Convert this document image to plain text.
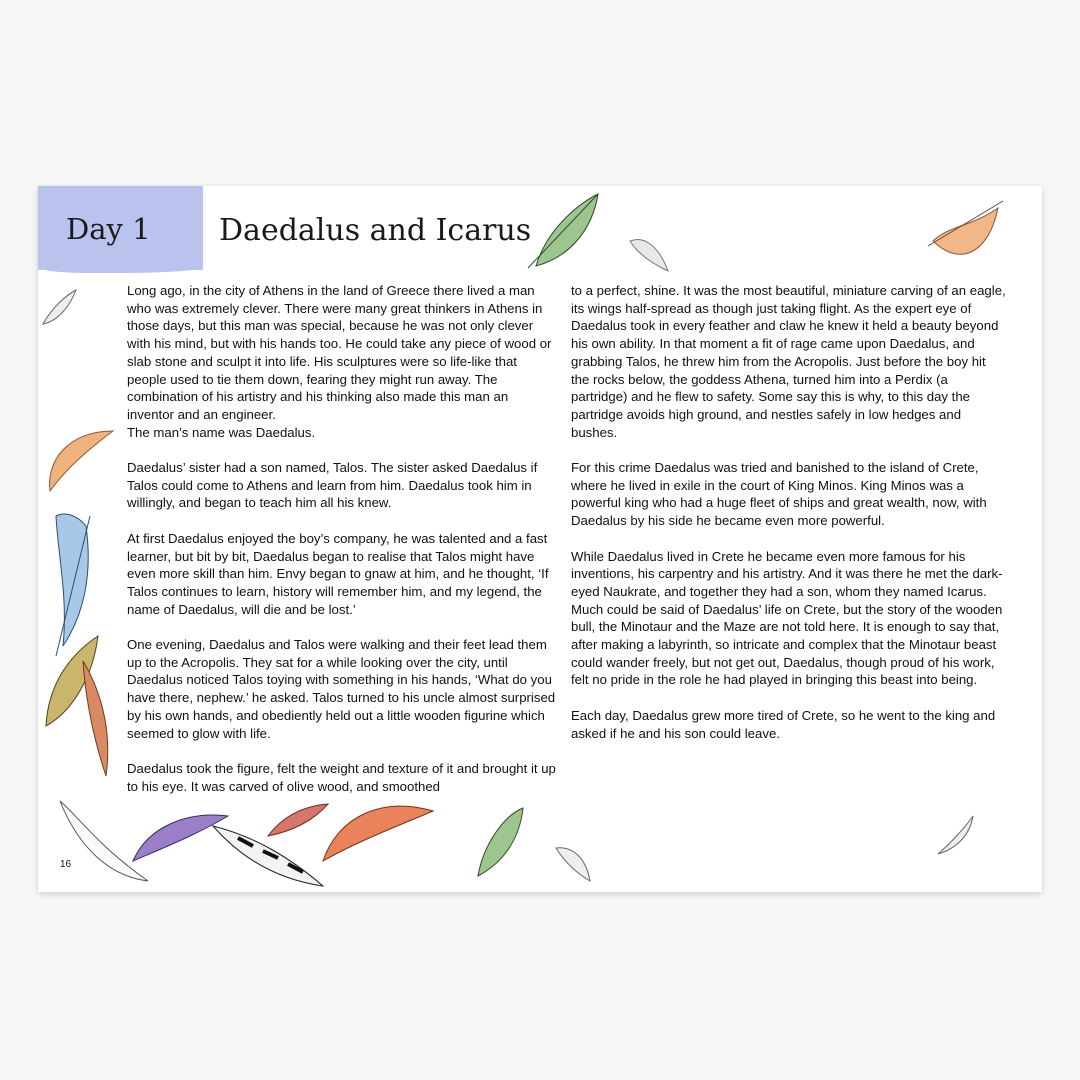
Day 1 Daedalus and Icarus

Long ago, in the city of Athens in the land of Greece there lived a man who was extremely clever. There were many great thinkers in Athens in those days, but this man was special, because he was not only clever with his mind, but with his hands too. He could take any piece of wood or slab stone and sculpt it into life. His sculptures were so life-like that people used to tie them down, fearing they might run away. The combination of his artistry and his thinking also made this man an inventor and an engineer.
The man’s name was Daedalus.

Daedalus’ sister had a son named, Talos. The sister asked Daedalus if Talos could come to Athens and learn from him. Daedalus took him in willingly, and began to teach him all his knew.

At first Daedalus enjoyed the boy’s company, he was talented and a fast learner, but bit by bit, Daedalus began to realise that Talos might have even more skill than him. Envy began to gnaw at him, and he thought, ‘If Talos continues to learn, history will remember him, and my legend, the name of Daedalus, will die and be lost.’

One evening, Daedalus and Talos were walking and their feet lead them up to the Acropolis. They sat for a while looking over the city, until Daedalus noticed Talos toying with something in his hands, ‘What do you have there, nephew.’ he asked. Talos turned to his uncle almost surprised by his own hands, and obediently held out a little wooden figurine which seemed to glow with life.

Daedalus took the figure, felt the weight and texture of it and brought it up to his eye. It was carved of olive wood, and smoothed

to a perfect, shine. It was the most beautiful, miniature carving of an eagle, its wings half-spread as though just taking flight. As the expert eye of Daedalus took in every feather and claw he knew it held a beauty beyond his own ability. In that moment a fit of rage came upon Daedalus, and grabbing Talos, he threw him from the Acropolis. Just before the boy hit the rocks below, the goddess Athena, turned him into a Perdix (a partridge) and he flew to safety. Some say this is why, to this day the partridge avoids high ground, and nestles safely in low hedges and bushes.

For this crime Daedalus was tried and banished to the island of Crete, where he lived in exile in the court of King Minos. King Minos was a powerful king who had a huge fleet of ships and great wealth, now, with Daedalus by his side he became even more powerful.

While Daedalus lived in Crete he became even more famous for his inventions, his carpentry and his artistry. And it was there he met the dark-eyed Naukrate, and together they had a son, whom they named Icarus. Much could be said of Daedalus’ life on Crete, but the story of the wooden bull, the Minotaur and the Maze are not told here. It is enough to say that, after making a labyrinth, so intricate and complex that the Minotaur beast could wander freely, but not get out, Daedalus, though proud of his work, felt no pride in the role he had played in bringing this beast into being.

Each day, Daedalus grew more tired of Crete, so he went to the king and asked if he and his son could leave.

16
